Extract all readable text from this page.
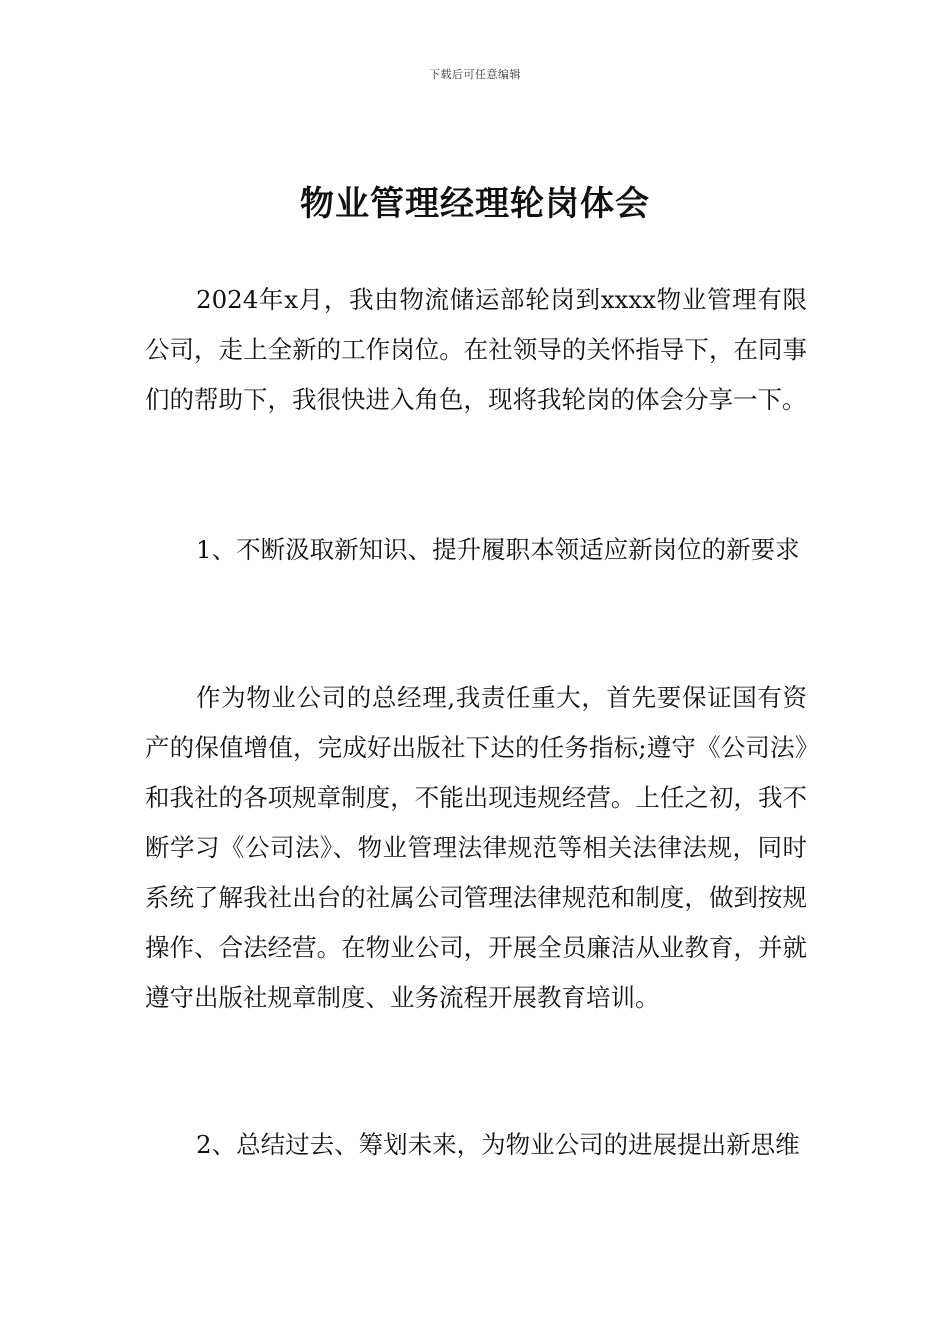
下载后可任意编辑
物业管理经理轮岗体会

2024年x月，我由物流储运部轮岗到xxxx物业管理有限公司，走上全新的工作岗位。在社领导的关怀指导下，在同事们的帮助下，我很快进入角色，现将我轮岗的体会分享一下。

1、不断汲取新知识、提升履职本领适应新岗位的新要求

作为物业公司的总经理,我责任重大，首先要保证国有资产的保值增值，完成好出版社下达的任务指标;遵守《公司法》和我社的各项规章制度，不能出现违规经营。上任之初，我不断学习《公司法》、物业管理法律规范等相关法律法规，同时系统了解我社出台的社属公司管理法律规范和制度，做到按规操作、合法经营。在物业公司，开展全员廉洁从业教育，并就遵守出版社规章制度、业务流程开展教育培训。

2、总结过去、筹划未来，为物业公司的进展提出新思维
